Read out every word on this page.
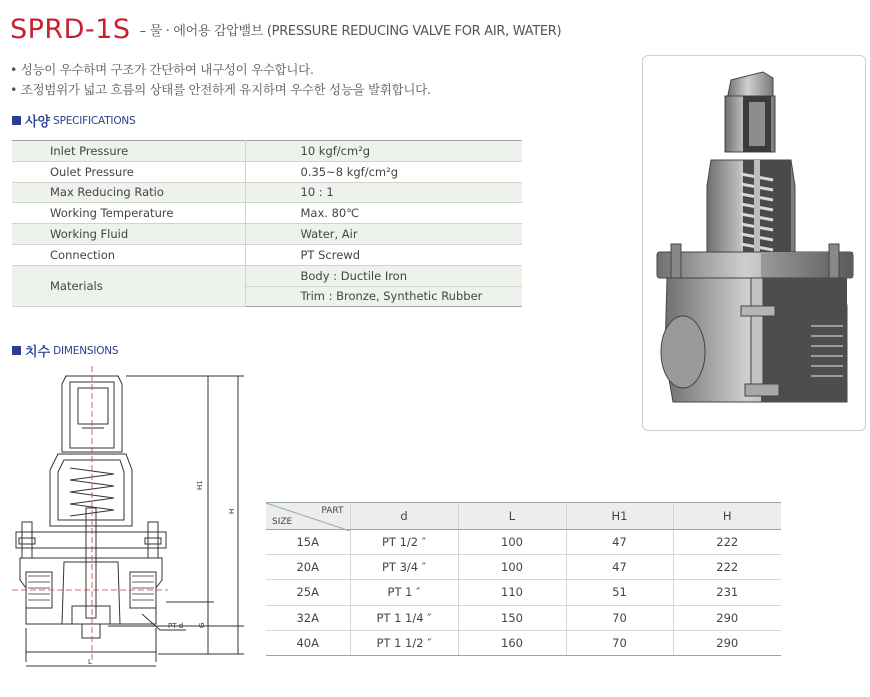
SPRD-1S – 물 · 에어용 감압밸브 (PRESSURE REDUCING VALVE FOR AIR, WATER)
• 성능이 우수하며 구조가 간단하여 내구성이 우수합니다.
• 조정범위가 넓고 흐름의 상태를 안전하게 유지하며 우수한 성능을 발휘합니다.
사양 SPECIFICATIONS
Inlet Pressure	10 kgf/cm²g
Oulet Pressure	0.35~8 kgf/cm²g
Max Reducing Ratio	10 : 1
Working Temperature	Max. 80℃
Working Fluid	Water, Air
Connection	PT Screwd
Materials	Body : Ductile Iron
	Trim : Bronze, Synthetic Rubber
치수 DIMENSIONS
H1
H
G
L
PT d
PART
SIZE	d	L	H1	H
15A	PT 1/2 ″	100	47	222
20A	PT 3/4 ″	100	47	222
25A	PT 1 ″	110	51	231
32A	PT 1 1/4 ″	150	70	290
40A	PT 1 1/2 ″	160	70	290
